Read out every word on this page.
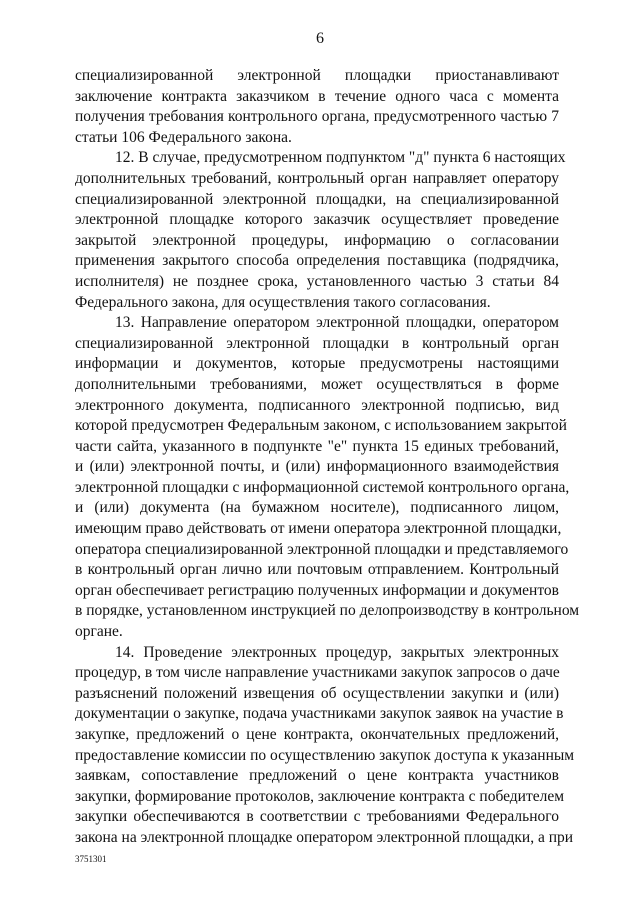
6
специализированной электронной площадки приостанавливают
заключение контракта заказчиком в течение одного часа с момента
получения требования контрольного органа, предусмотренного частью 7
статьи 106 Федерального закона.
12. В случае, предусмотренном подпунктом "д" пункта 6 настоящих
дополнительных требований, контрольный орган направляет оператору
специализированной электронной площадки, на специализированной
электронной площадке которого заказчик осуществляет проведение
закрытой электронной процедуры, информацию о согласовании
применения закрытого способа определения поставщика (подрядчика,
исполнителя) не позднее срока, установленного частью 3 статьи 84
Федерального закона, для осуществления такого согласования.
13. Направление оператором электронной площадки, оператором
специализированной электронной площадки в контрольный орган
информации и документов, которые предусмотрены настоящими
дополнительными требованиями, может осуществляться в форме
электронного документа, подписанного электронной подписью, вид
которой предусмотрен Федеральным законом, с использованием закрытой
части сайта, указанного в подпункте "е" пункта 15 единых требований,
и (или) электронной почты, и (или) информационного взаимодействия
электронной площадки с информационной системой контрольного органа,
и (или) документа (на бумажном носителе), подписанного лицом,
имеющим право действовать от имени оператора электронной площадки,
оператора специализированной электронной площадки и представляемого
в контрольный орган лично или почтовым отправлением. Контрольный
орган обеспечивает регистрацию полученных информации и документов
в порядке, установленном инструкцией по делопроизводству в контрольном
органе.
14. Проведение электронных процедур, закрытых электронных
процедур, в том числе направление участниками закупок запросов о даче
разъяснений положений извещения об осуществлении закупки и (или)
документации о закупке, подача участниками закупок заявок на участие в
закупке, предложений о цене контракта, окончательных предложений,
предоставление комиссии по осуществлению закупок доступа к указанным
заявкам, сопоставление предложений о цене контракта участников
закупки, формирование протоколов, заключение контракта с победителем
закупки обеспечиваются в соответствии с требованиями Федерального
закона на электронной площадке оператором электронной площадки, а при
3751301
